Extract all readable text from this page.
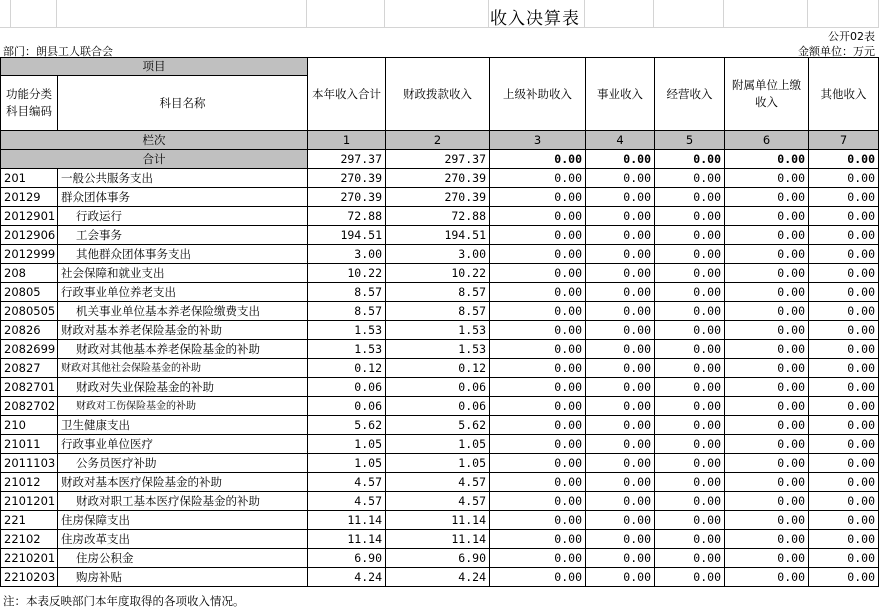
收入决算表
公开02表
部门：朗县工人联合会	金额单位：万元
项目		本年收入合计	财政拨款收入	上级补助收入	事业收入	经营收入	附属单位上缴收入	其他收入
功能分类科目编码	科目名称							
栏次		1	2	3	4	5	6	7
合计		297.37	297.37	0.00	0.00	0.00	0.00	0.00
201	一般公共服务支出	270.39	270.39	0.00	0.00	0.00	0.00	0.00
20129	群众团体事务	270.39	270.39	0.00	0.00	0.00	0.00	0.00
2012901	行政运行	72.88	72.88	0.00	0.00	0.00	0.00	0.00
2012906	工会事务	194.51	194.51	0.00	0.00	0.00	0.00	0.00
2012999	其他群众团体事务支出	3.00	3.00	0.00	0.00	0.00	0.00	0.00
208	社会保障和就业支出	10.22	10.22	0.00	0.00	0.00	0.00	0.00
20805	行政事业单位养老支出	8.57	8.57	0.00	0.00	0.00	0.00	0.00
2080505	机关事业单位基本养老保险缴费支出	8.57	8.57	0.00	0.00	0.00	0.00	0.00
20826	财政对基本养老保险基金的补助	1.53	1.53	0.00	0.00	0.00	0.00	0.00
2082699	财政对其他基本养老保险基金的补助	1.53	1.53	0.00	0.00	0.00	0.00	0.00
20827	财政对其他社会保险基金的补助	0.12	0.12	0.00	0.00	0.00	0.00	0.00
2082701	财政对失业保险基金的补助	0.06	0.06	0.00	0.00	0.00	0.00	0.00
2082702	财政对工伤保险基金的补助	0.06	0.06	0.00	0.00	0.00	0.00	0.00
210	卫生健康支出	5.62	5.62	0.00	0.00	0.00	0.00	0.00
21011	行政事业单位医疗	1.05	1.05	0.00	0.00	0.00	0.00	0.00
2011103	公务员医疗补助	1.05	1.05	0.00	0.00	0.00	0.00	0.00
21012	财政对基本医疗保险基金的补助	4.57	4.57	0.00	0.00	0.00	0.00	0.00
2101201	财政对职工基本医疗保险基金的补助	4.57	4.57	0.00	0.00	0.00	0.00	0.00
221	住房保障支出	11.14	11.14	0.00	0.00	0.00	0.00	0.00
22102	住房改革支出	11.14	11.14	0.00	0.00	0.00	0.00	0.00
2210201	住房公积金	6.90	6.90	0.00	0.00	0.00	0.00	0.00
2210203	购房补贴	4.24	4.24	0.00	0.00	0.00	0.00	0.00
注：本表反映部门本年度取得的各项收入情况。
